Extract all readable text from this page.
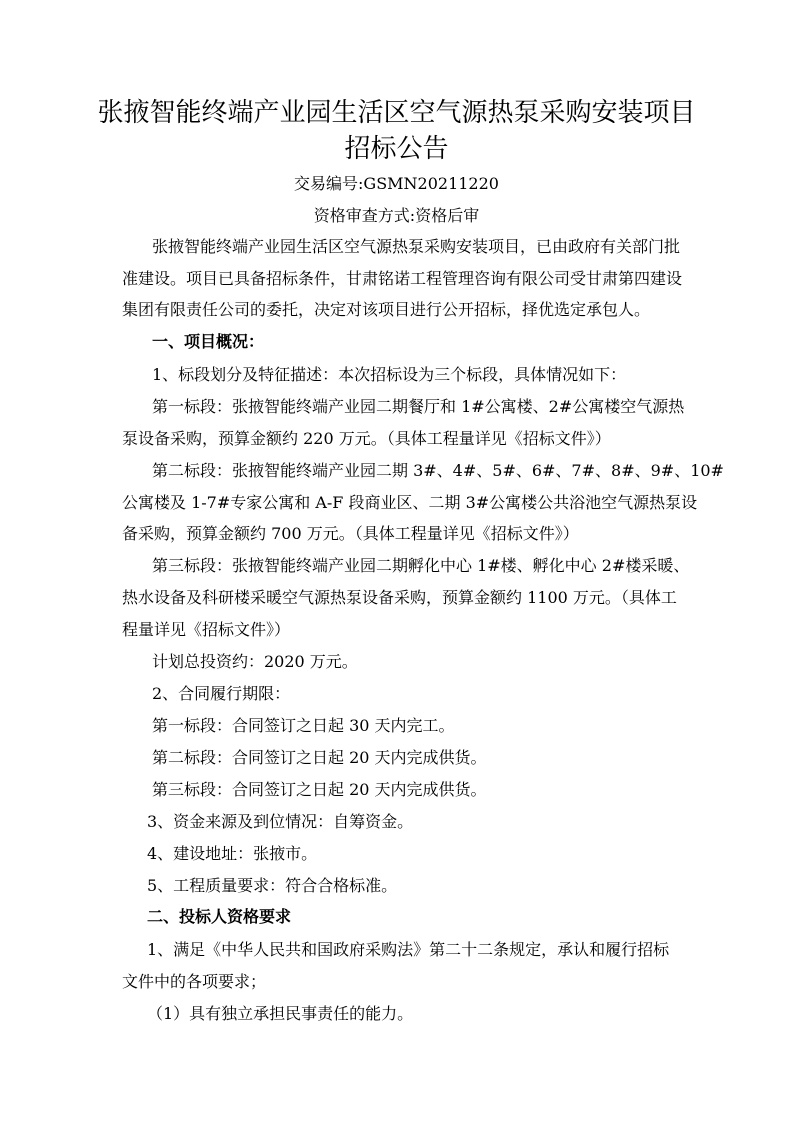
张掖智能终端产业园生活区空气源热泵采购安装项目
招标公告
交易编号:GSMN20211220
资格审查方式:资格后审
张掖智能终端产业园生活区空气源热泵采购安装项目，已由政府有关部门批
准建设。项目已具备招标条件，甘肃铭诺工程管理咨询有限公司受甘肃第四建设
集团有限责任公司的委托，决定对该项目进行公开招标，择优选定承包人。
一、项目概况：
1、标段划分及特征描述：本次招标设为三个标段，具体情况如下：
第一标段：张掖智能终端产业园二期餐厅和 1#公寓楼、2#公寓楼空气源热
泵设备采购，预算金额约 220 万元。（具体工程量详见《招标文件》）
第二标段：张掖智能终端产业园二期 3#、4#、5#、6#、7#、8#、9#、10#
公寓楼及 1-7#专家公寓和 A-F 段商业区、二期 3#公寓楼公共浴池空气源热泵设
备采购，预算金额约 700 万元。（具体工程量详见《招标文件》）
第三标段：张掖智能终端产业园二期孵化中心 1#楼、孵化中心 2#楼采暖、
热水设备及科研楼采暖空气源热泵设备采购，预算金额约 1100 万元。（具体工
程量详见《招标文件》）
计划总投资约：2020 万元。
2、合同履行期限：
第一标段：合同签订之日起 30 天内完工。
第二标段：合同签订之日起 20 天内完成供货。
第三标段：合同签订之日起 20 天内完成供货。
3、资金来源及到位情况：自筹资金。
4、建设地址：张掖市。
5、工程质量要求：符合合格标准。
二、投标人资格要求
1、满足《中华人民共和国政府采购法》第二十二条规定，承认和履行招标
文件中的各项要求；
（1）具有独立承担民事责任的能力。
